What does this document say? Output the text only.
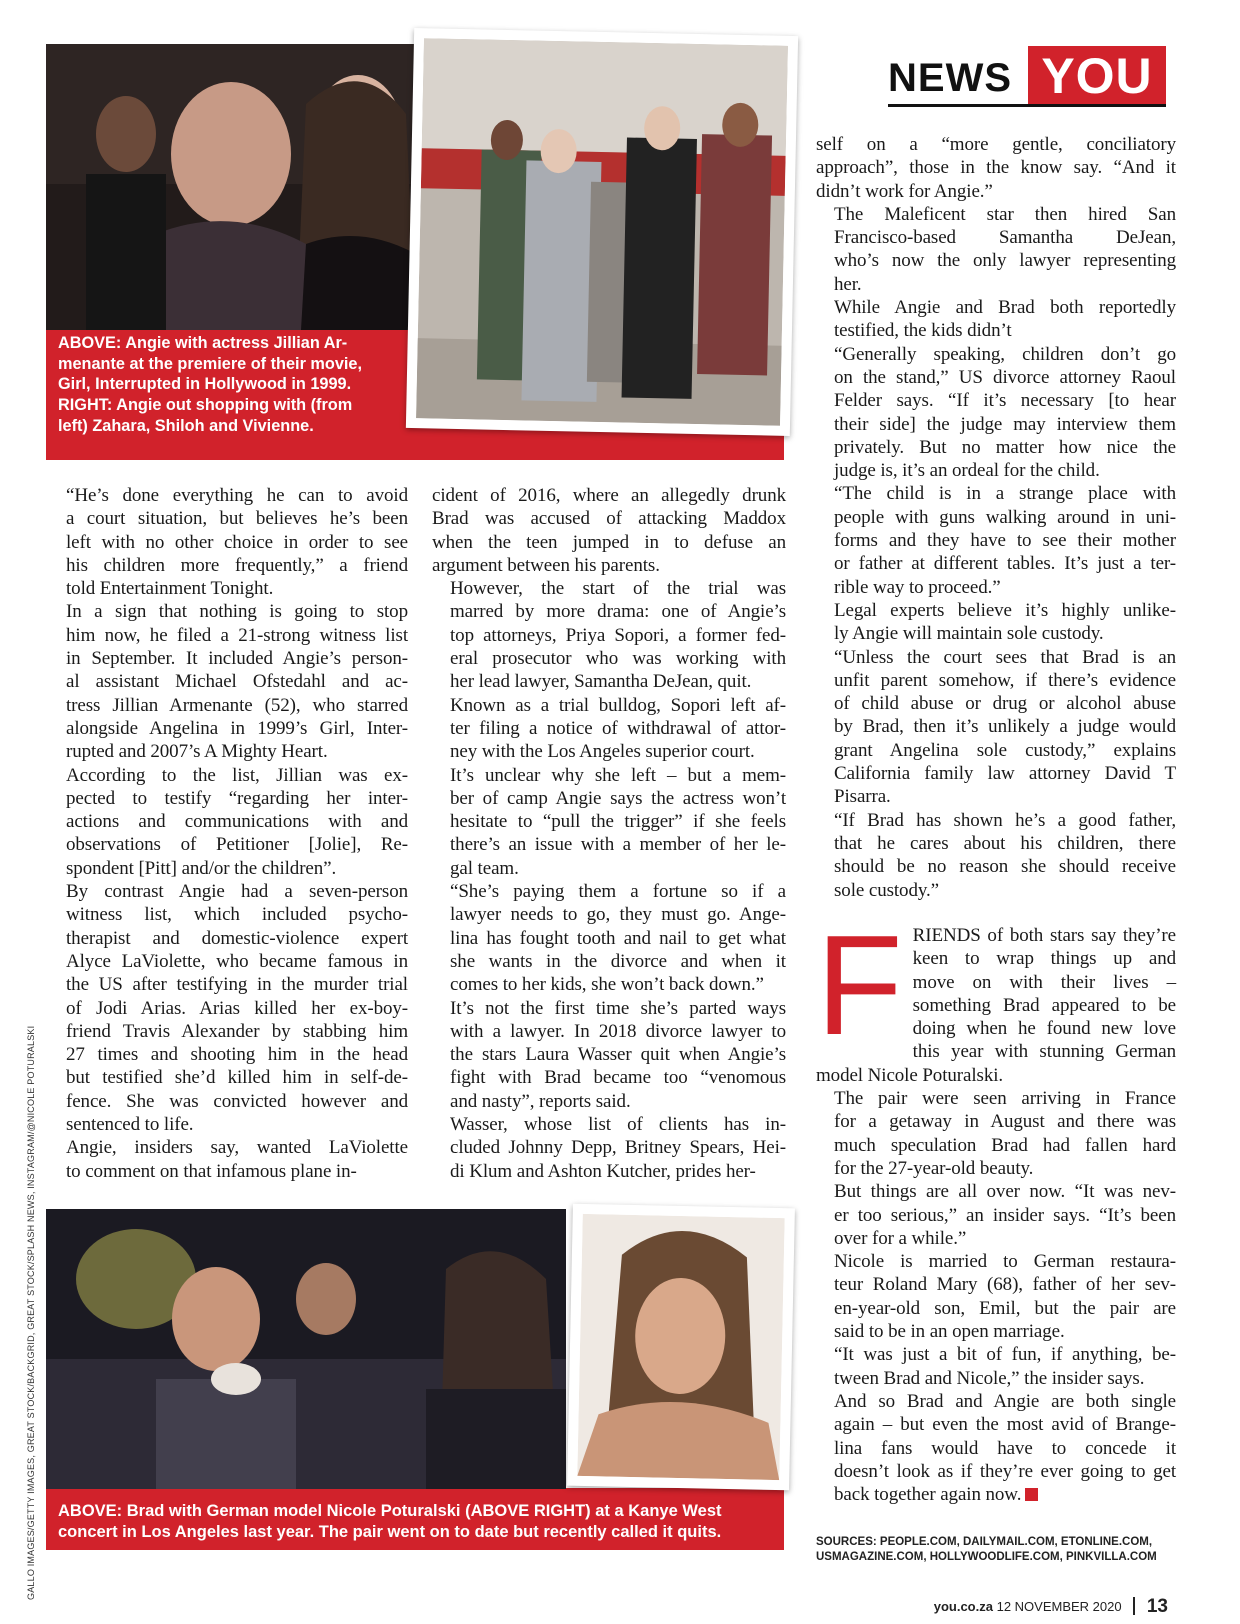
ABOVE: Angie with actress Jillian Ar-
menante at the premiere of their movie,
Girl, Interrupted in Hollywood in 1999.
RIGHT: Angie out shopping with (from
left) Zahara, Shiloh and Vivienne.
NEWS YOU

“He’s done everything he can to avoid
a court situation, but believes he’s been
left with no other choice in order to see
his children more frequently,” a friend
told Entertainment Tonight.

In a sign that nothing is going to stop
him now, he filed a 21-strong witness list
in September. It included Angie’s person-
al assistant Michael Ofstedahl and ac-
tress Jillian Armenante (52), who starred
alongside Angelina in 1999’s Girl, Inter-
rupted and 2007’s A Mighty Heart.

According to the list, Jillian was ex-
pected to testify “regarding her inter-
actions and communications with and
observations of Petitioner [Jolie], Re-
spondent [Pitt] and/or the children”.

By contrast Angie had a seven-person
witness list, which included psycho-
therapist and domestic-violence expert
Alyce LaViolette, who became famous in
the US after testifying in the murder trial
of Jodi Arias. Arias killed her ex-boy-
friend Travis Alexander by stabbing him
27 times and shooting him in the head
but testified she’d killed him in self-de-
fence. She was convicted however and
sentenced to life.

Angie, insiders say, wanted LaViolette
to comment on that infamous plane in-

cident of 2016, where an allegedly drunk
Brad was accused of attacking Maddox
when the teen jumped in to defuse an
argument between his parents.

However, the start of the trial was
marred by more drama: one of Angie’s
top attorneys, Priya Sopori, a former fed-
eral prosecutor who was working with
her lead lawyer, Samantha DeJean, quit.

Known as a trial bulldog, Sopori left af-
ter filing a notice of withdrawal of attor-
ney with the Los Angeles superior court.

It’s unclear why she left – but a mem-
ber of camp Angie says the actress won’t
hesitate to “pull the trigger” if she feels
there’s an issue with a member of her le-
gal team.

“She’s paying them a fortune so if a
lawyer needs to go, they must go. Ange-
lina has fought tooth and nail to get what
she wants in the divorce and when it
comes to her kids, she won’t back down.”

It’s not the first time she’s parted ways
with a lawyer. In 2018 divorce lawyer to
the stars Laura Wasser quit when Angie’s
fight with Brad became too “venomous
and nasty”, reports said.

Wasser, whose list of clients has in-
cluded Johnny Depp, Britney Spears, Hei-
di Klum and Ashton Kutcher, prides her-

self on a “more gentle, conciliatory
approach”, those in the know say. “And it
didn’t work for Angie.”

The Maleficent star then hired San
Francisco-based Samantha DeJean,
who’s now the only lawyer representing
her.

While Angie and Brad both reportedly
testified, the kids didn’t

“Generally speaking, children don’t go
on the stand,” US divorce attorney Raoul
Felder says. “If it’s necessary [to hear
their side] the judge may interview them
privately. But no matter how nice the
judge is, it’s an ordeal for the child.

“The child is in a strange place with
people with guns walking around in uni-
forms and they have to see their mother
or father at different tables. It’s just a ter-
rible way to proceed.”

Legal experts believe it’s highly unlike-
ly Angie will maintain sole custody.

“Unless the court sees that Brad is an
unfit parent somehow, if there’s evidence
of child abuse or drug or alcohol abuse
by Brad, then it’s unlikely a judge would
grant Angelina sole custody,” explains
California family law attorney David T
Pisarra.

“If Brad has shown he’s a good father,
that he cares about his children, there
should be no reason she should receive
sole custody.”

F RIENDS of both stars say they’re
keen to wrap things up and
move on with their lives –
something Brad appeared to be
doing when he found new love
this year with stunning German
model Nicole Poturalski.

The pair were seen arriving in France
for a getaway in August and there was
much speculation Brad had fallen hard
for the 27-year-old beauty.

But things are all over now. “It was nev-
er too serious,” an insider says. “It’s been
over for a while.”

Nicole is married to German restaura-
teur Roland Mary (68), father of her sev-
en-year-old son, Emil, but the pair are
said to be in an open marriage.

“It was just a bit of fun, if anything, be-
tween Brad and Nicole,” the insider says.

And so Brad and Angie are both single
again – but even the most avid of Brange-
lina fans would have to concede it
doesn’t look as if they’re ever going to get
back together again now.

ABOVE: Brad with German model Nicole Poturalski (ABOVE RIGHT) at a Kanye West
concert in Los Angeles last year. The pair went on to date but recently called it quits.
SOURCES: PEOPLE.COM, DAILYMAIL.COM, ETONLINE.COM,
USMAGAZINE.COM, HOLLYWOODLIFE.COM, PINKVILLA.COM
you.co.za 12 NOVEMBER 2020 13
GALLO IMAGES/GETTY IMAGES, GREAT STOCK/BACKGRID, GREAT STOCK/SPLASH NEWS, INSTAGRAM/@NICOLE POTURALSKI
